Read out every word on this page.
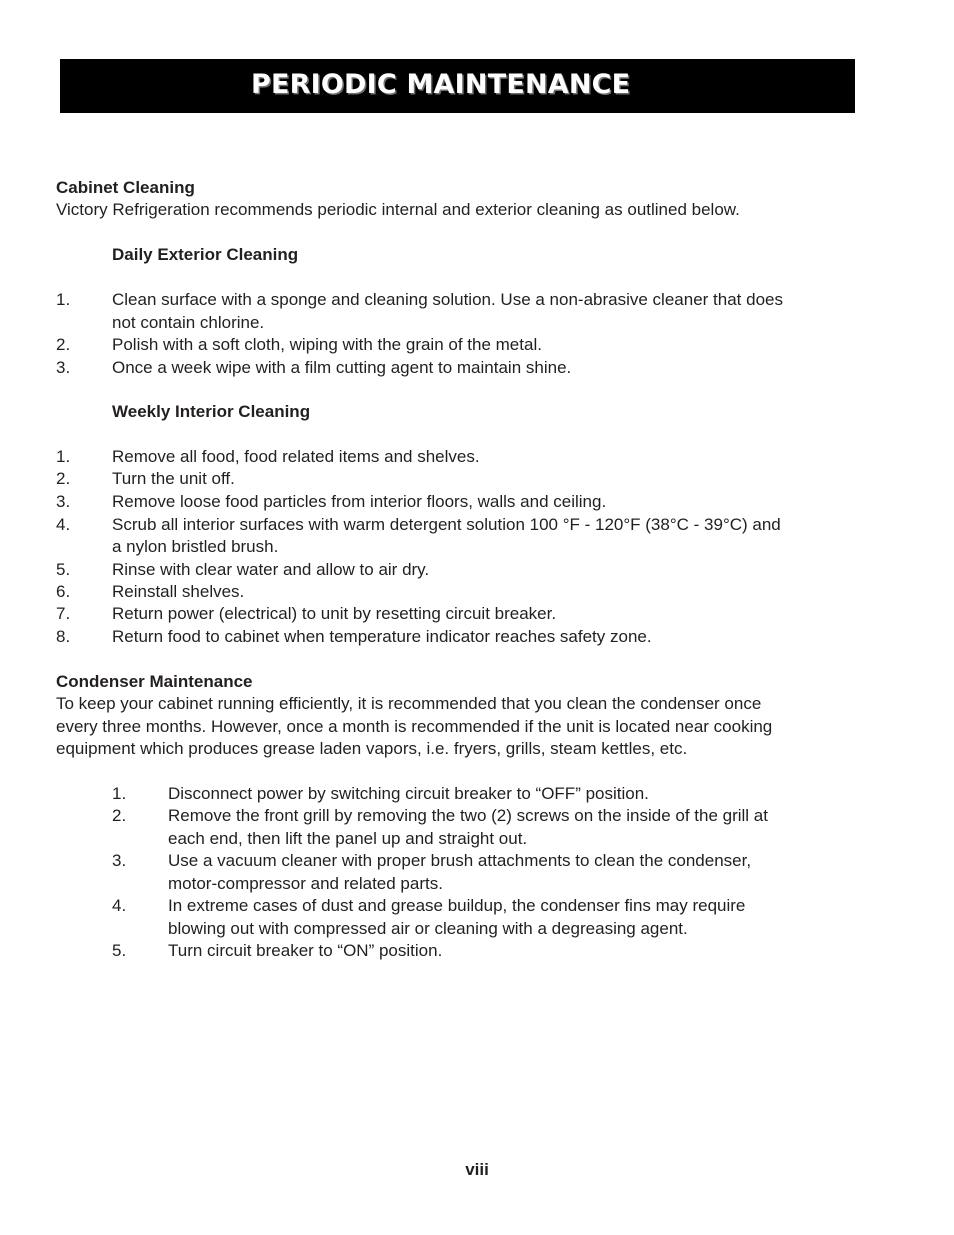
PERIODIC MAINTENANCE
Cabinet Cleaning
Victory Refrigeration recommends periodic internal and exterior cleaning as outlined below.
Daily Exterior Cleaning
1. Clean surface with a sponge and cleaning solution. Use a non-abrasive cleaner that does
not contain chlorine.
2. Polish with a soft cloth, wiping with the grain of the metal.
3. Once a week wipe with a film cutting agent to maintain shine.
Weekly Interior Cleaning
1. Remove all food, food related items and shelves.
2. Turn the unit off.
3. Remove loose food particles from interior floors, walls and ceiling.
4. Scrub all interior surfaces with warm detergent solution 100 °F - 120°F (38°C - 39°C) and
a nylon bristled brush.
5. Rinse with clear water and allow to air dry.
6. Reinstall shelves.
7. Return power (electrical) to unit by resetting circuit breaker.
8. Return food to cabinet when temperature indicator reaches safety zone.
Condenser Maintenance
To keep your cabinet running efficiently, it is recommended that you clean the condenser once
every three months. However, once a month is recommended if the unit is located near cooking
equipment which produces grease laden vapors, i.e. fryers, grills, steam kettles, etc.
1. Disconnect power by switching circuit breaker to “OFF” position.
2. Remove the front grill by removing the two (2) screws on the inside of the grill at
each end, then lift the panel up and straight out.
3. Use a vacuum cleaner with proper brush attachments to clean the condenser,
motor-compressor and related parts.
4. In extreme cases of dust and grease buildup, the condenser fins may require
blowing out with compressed air or cleaning with a degreasing agent.
5. Turn circuit breaker to “ON” position.
viii
